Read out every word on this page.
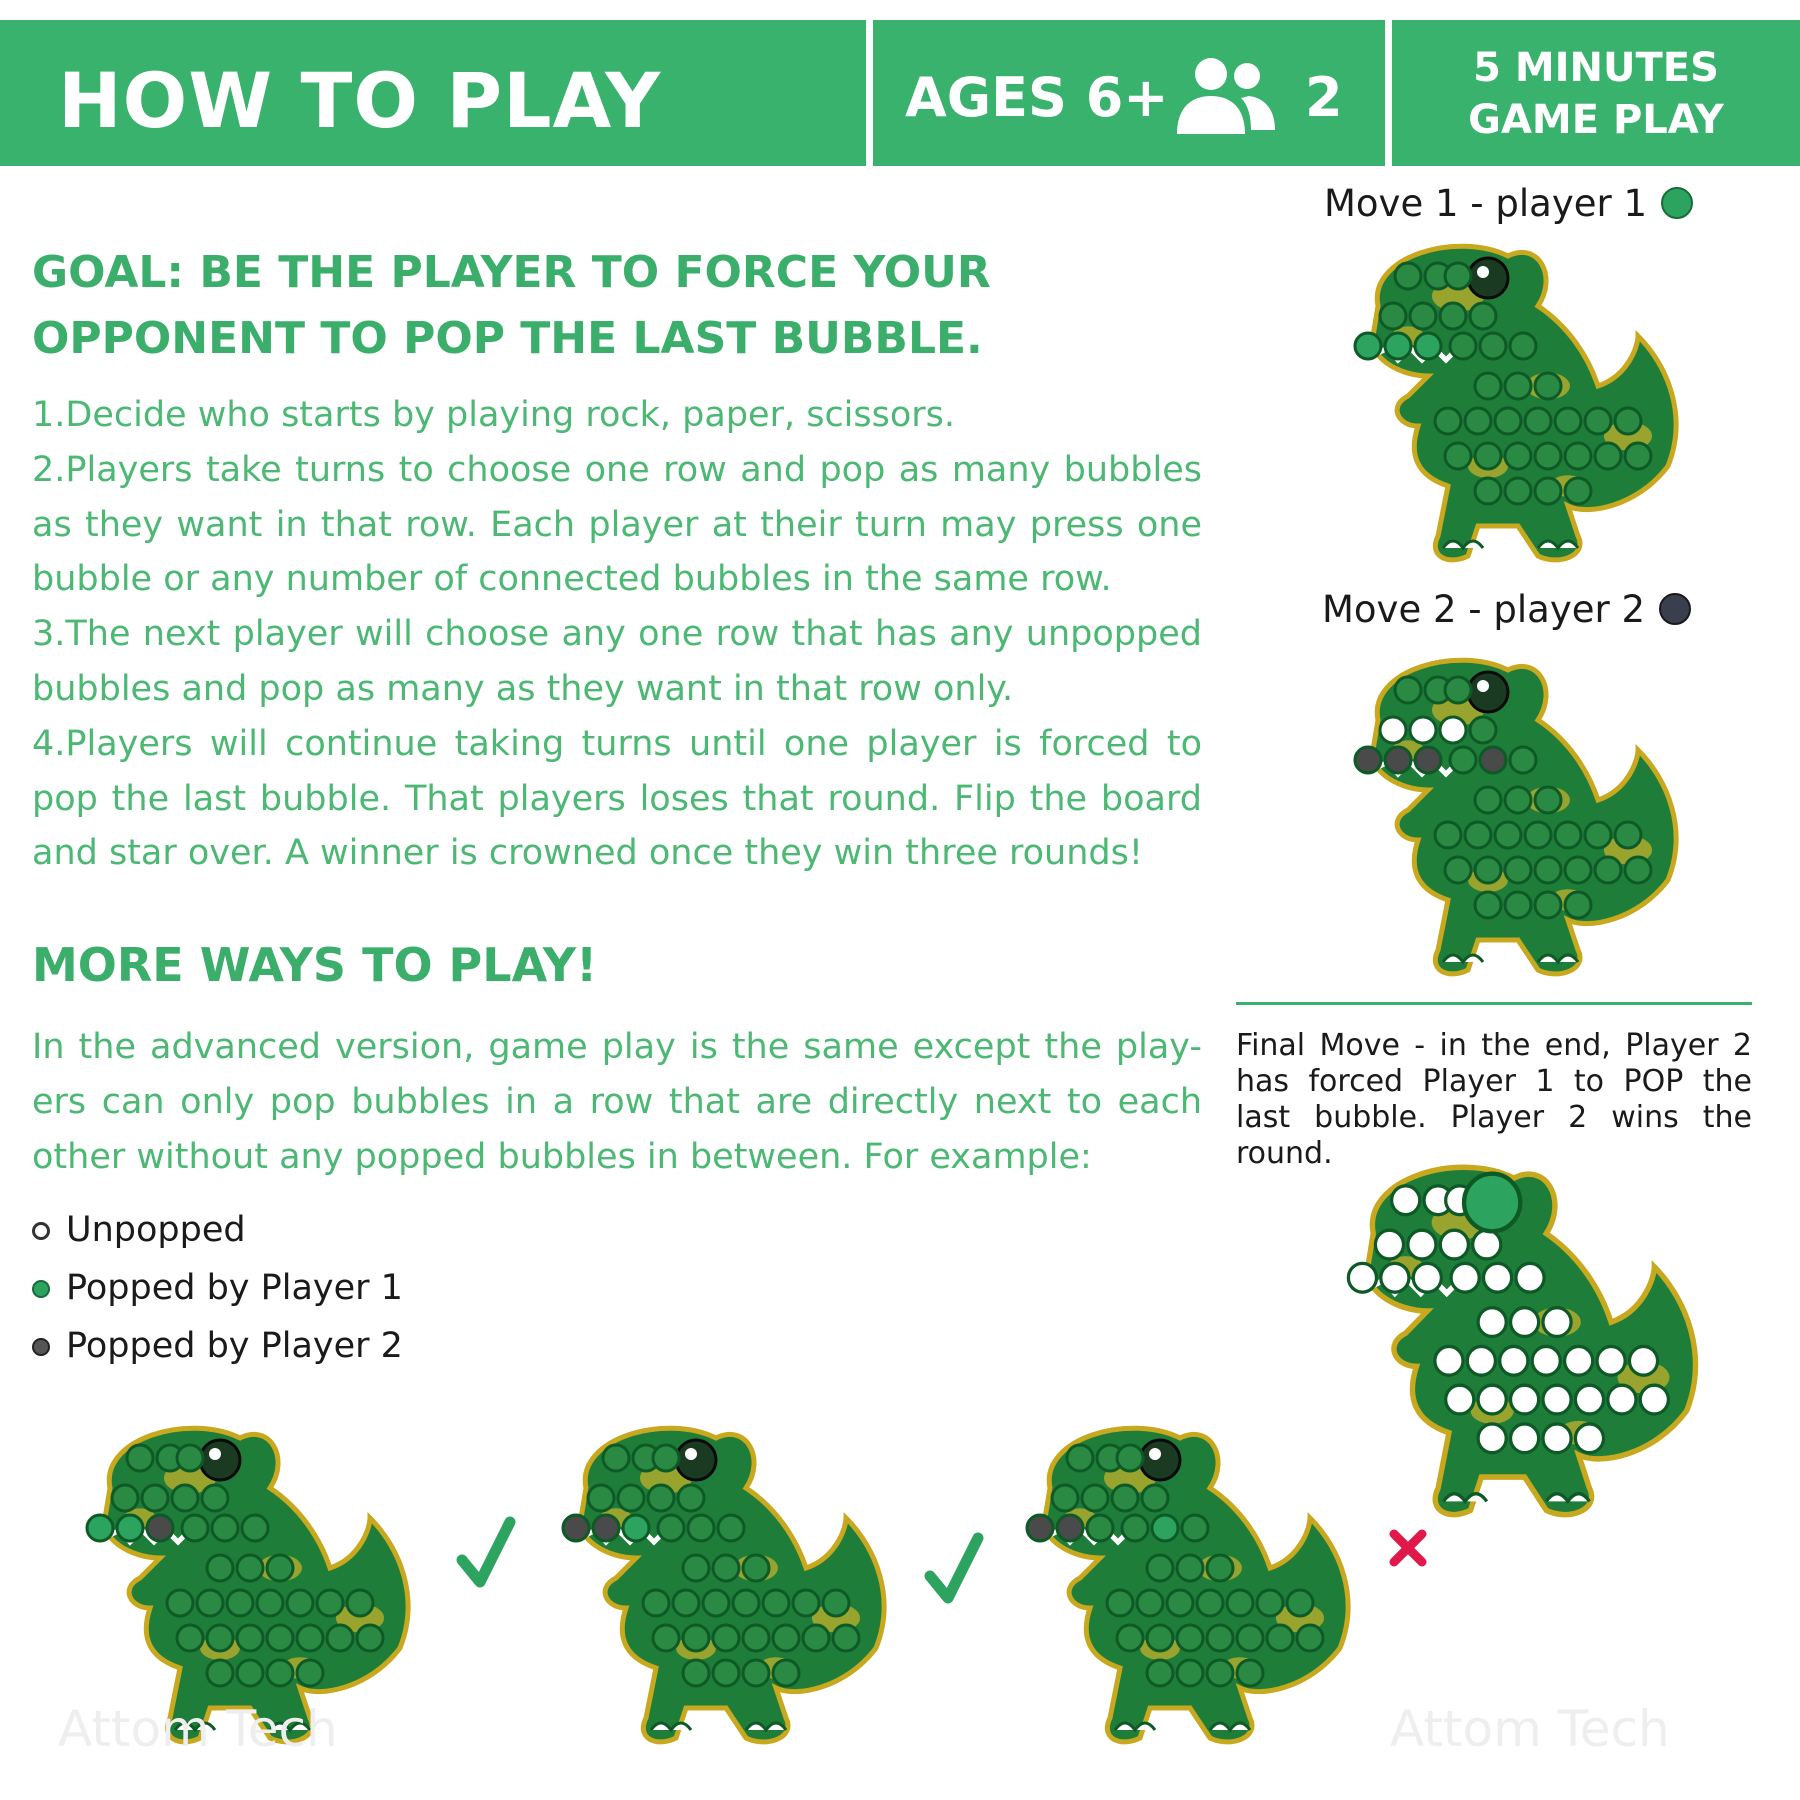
HOW TO PLAY	AGES 6+	2	5 MINUTES
GAME PLAY
GOAL: BE THE PLAYER TO FORCE YOUR
OPPONENT TO POP THE LAST BUBBLE.

1.Decide who starts by playing rock, paper, scissors.

2.Players take turns to choose one row and pop as many bubbles as they want in that row. Each player at their turn may press one bubble or any number of connected bubbles in the same row.

3.The next player will choose any one row that has any unpopped bubbles and pop as many as they want in that row only.

4.Players will continue taking turns until one player is forced to pop the last bubble. That players loses that round. Flip the board and star over. A winner is crowned once they win three rounds!

MORE WAYS TO PLAY!

In the advanced version, game play is the same except the play-ers can only pop bubbles in a row that are directly next to each other without any popped bubbles in between. For example:

Unpopped
Popped by Player 1
Popped by Player 2
Move 1 - player 1
Move 2 - player 2

Final Move - in the end, Player 2 has forced Player 1 to POP the last bubble. Player 2 wins the round.

Attom Tech	Attom Tech
